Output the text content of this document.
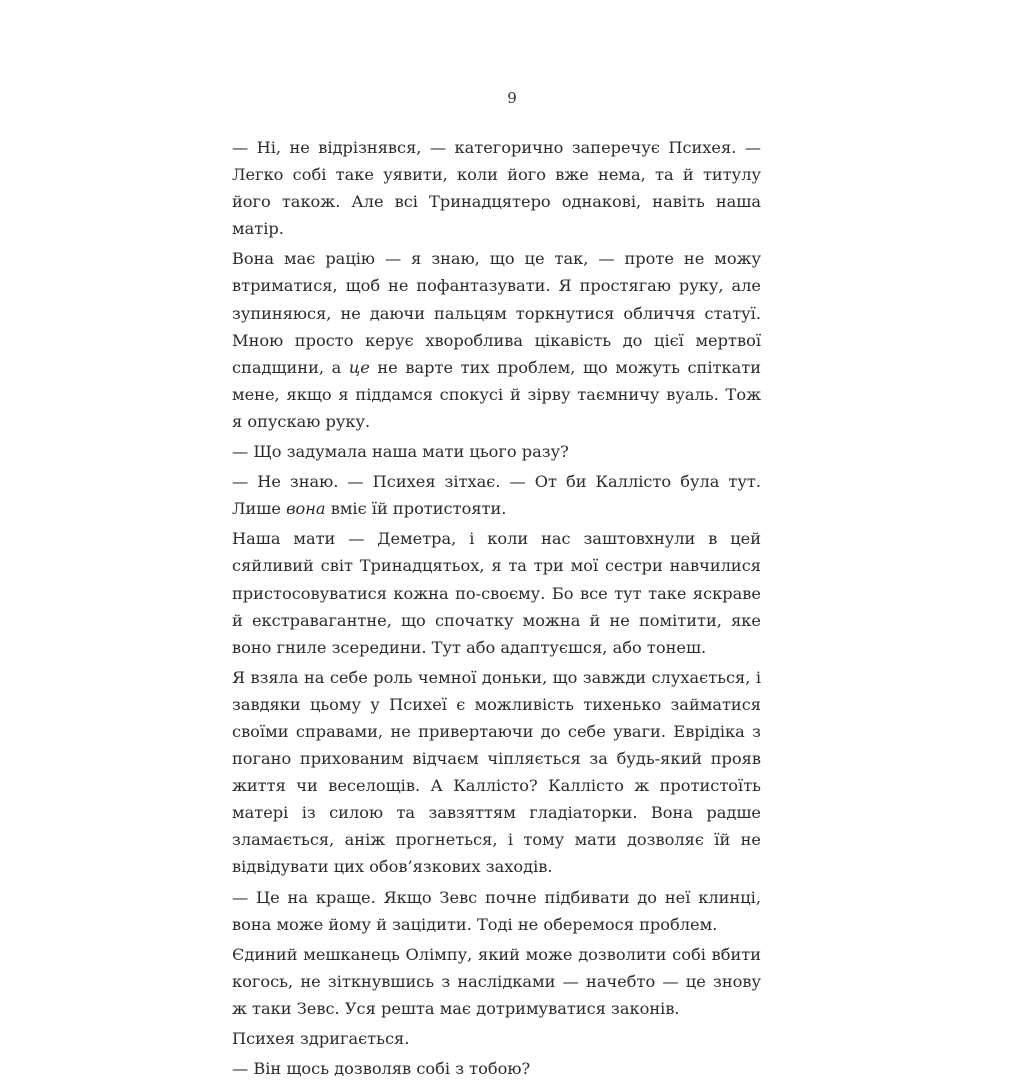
9

— Ні, не відрізнявся, — категорично заперечує Психея. — Легко собі таке уявити, коли його вже нема, та й титулу його також. Але всі Тринадцятеро однакові, навіть наша матір.

Вона має рацію — я знаю, що це так, — проте не можу втриматися, щоб не пофантазувати. Я простягаю руку, але зупиняюся, не даючи пальцям торкнутися обличчя статуї. Мною просто керує хвороблива цікавість до цієї мертвої спадщини, а це не варте тих проблем, що можуть спіткати мене, якщо я піддамся спокусі й зірву таємничу вуаль. Тож я опускаю руку.

— Що задумала наша мати цього разу?

— Не знаю. — Психея зітхає. — От би Каллісто була тут. Лише вона вміє їй протистояти.

Наша мати — Деметра, і коли нас заштовхнули в цей сяйливий світ Тринадцятьох, я та три мої сестри навчилися пристосовуватися кожна по-своєму. Бо все тут таке яскраве й екстравагантне, що спочатку можна й не помітити, яке воно гниле зсередини. Тут або адаптуєшся, або тонеш.

Я взяла на себе роль чемної доньки, що завжди слухається, і завдяки цьому у Психеї є можливість тихенько займатися своїми справами, не привертаючи до себе уваги. Еврідіка з погано прихованим відчаєм чіпляється за будь-який прояв життя чи веселощів. А Каллісто? Каллісто ж протистоїть матері із силою та завзяттям гладіаторки. Вона радше зламається, аніж прогнеться, і тому мати дозволяє їй не відвідувати цих обов’язкових заходів.

— Це на краще. Якщо Зевс почне підбивати до неї клинці, вона може йому й зацідити. Тоді не оберемося проблем.

Єдиний мешканець Олімпу, який може дозволити собі вбити когось, не зіткнувшись з наслідками — начебто — це знову ж таки Зевс. Уся решта має дотримуватися законів.

Психея здригається.

— Він щось дозволяв собі з тобою?
